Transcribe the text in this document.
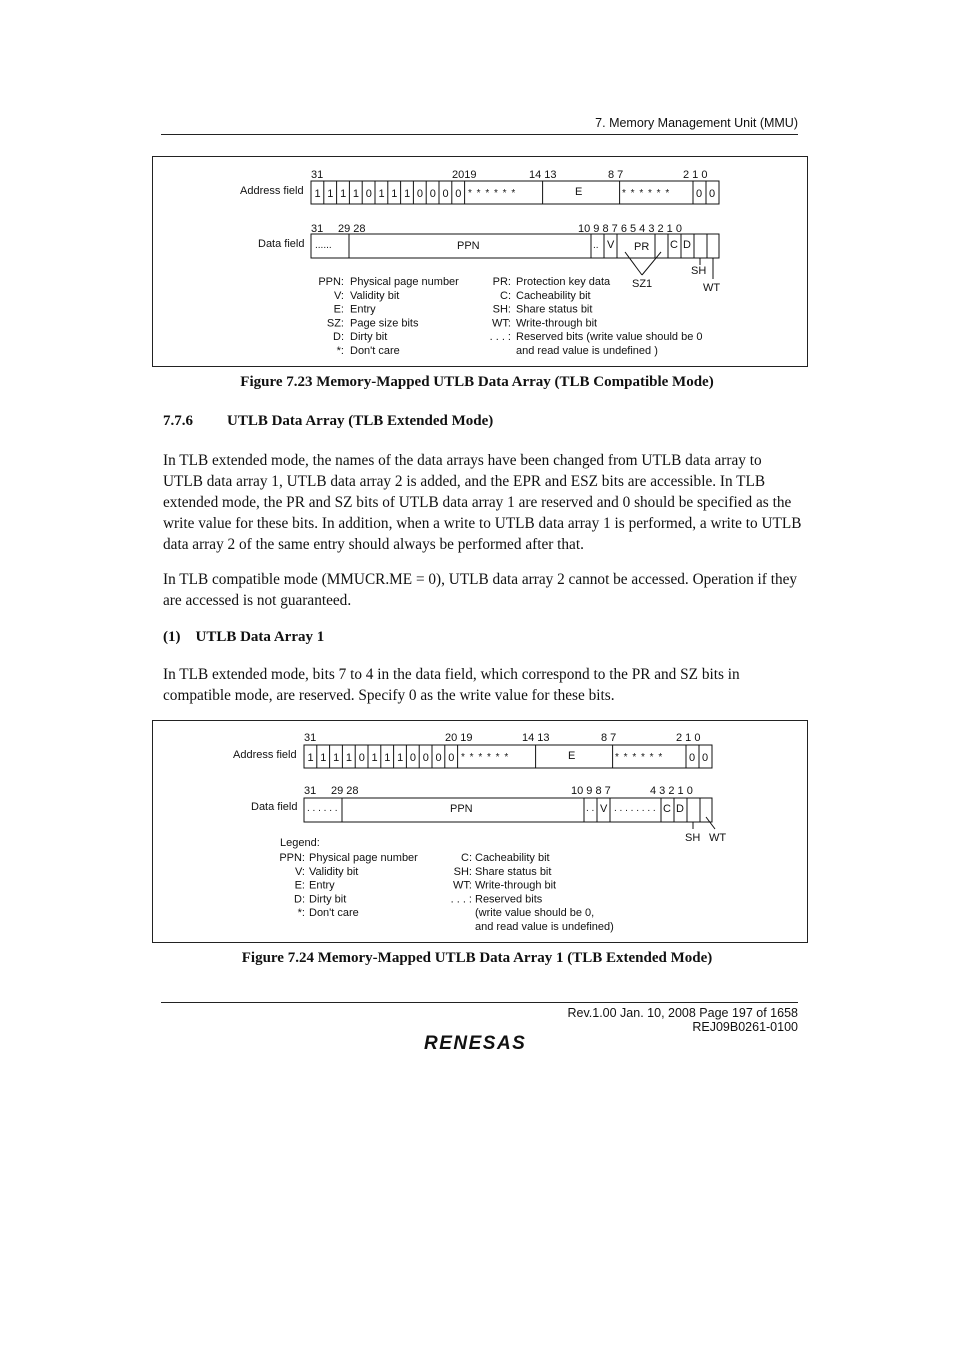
7. Memory Management Unit (MMU)
31	2019	14 13	8 7	2 1 0
Address field 1 1 1 1 0 1 1 1 0 0 0 0	0 0
* * * * * *	E	* * * * * *
31 29 28	10 9 8 7 6 5 4 3 2 1 0
Data field ......	PPN	.. V PR C D
SZ1
SH
WT
PPN: Physical page number
V: Validity bit
E: Entry
SZ: Page size bits
D: Dirty bit
*: Don't care
PR: Protection key data
C: Cacheability bit
SH: Share status bit
WT: Write-through bit
. . . : Reserved bits (write value should be 0
and read value is undefined )
Figure 7.23 Memory-Mapped UTLB Data Array (TLB Compatible Mode)
7.7.6 UTLB Data Array (TLB Extended Mode)

In TLB extended mode, the names of the data arrays have been changed from UTLB data array to UTLB data array 1, UTLB data array 2 is added, and the EPR and ESZ bits are accessible. In TLB extended mode, the PR and SZ bits of UTLB data array 1 are reserved and 0 should be specified as the write value for these bits. In addition, when a write to UTLB data array 1 is performed, a write to UTLB data array 2 of the same entry should always be performed after that.

In TLB compatible mode (MMUCR.ME = 0), UTLB data array 2 cannot be accessed. Operation if they are accessed is not guaranteed.

(1)    UTLB Data Array 1

In TLB extended mode, bits 7 to 4 in the data field, which correspond to the PR and SZ bits in compatible mode, are reserved. Specify 0 as the write value for these bits.

31	20 19	14 13	8 7	2 1 0
Address field 1 1 1 1 0 1 1 1 0 0 0 0	0 0
* * * * * *	E	* * * * * *
31 29 28	10 9 8 7	4 3 2 1 0
Data field . . . . . .	PPN	. . V . . . . . . . . C D
SH WT
Legend:
PPN: Physical page number
V: Validity bit
E: Entry
D: Dirty bit
*: Don't care
C: Cacheability bit
SH: Share status bit
WT: Write-through bit
. . . : Reserved bits
(write value should be 0,
and read value is undefined)
Figure 7.24 Memory-Mapped UTLB Data Array 1 (TLB Extended Mode)
Rev.1.00 Jan. 10, 2008 Page 197 of 1658
REJ09B0261-0100
RENESAS
